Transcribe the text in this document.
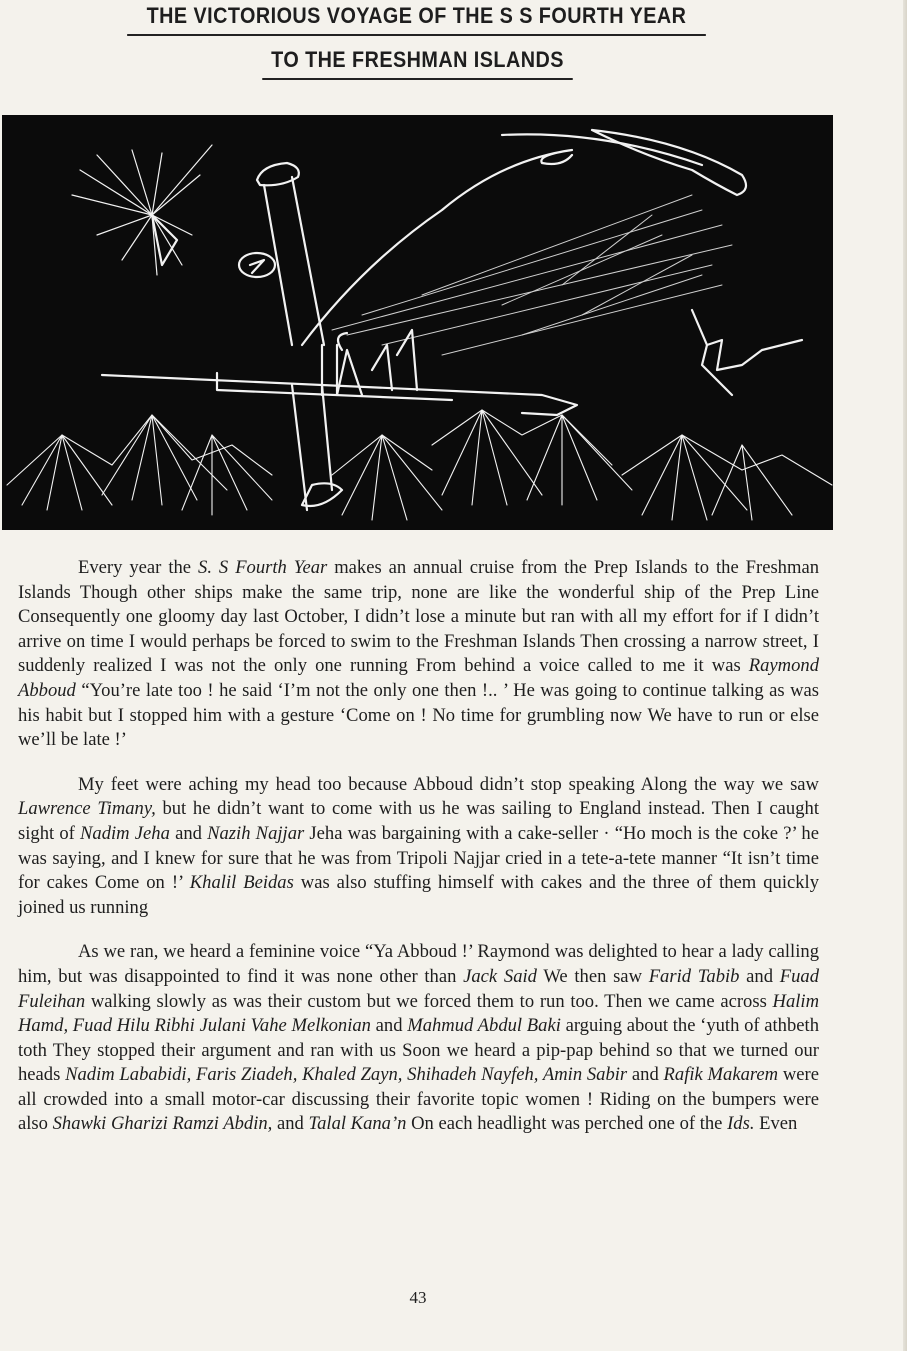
THE VICTORIOUS VOYAGE OF THE S S FOURTH YEAR
TO THE FRESHMAN ISLANDS

Every year the S. S Fourth Year makes an annual cruise from the Prep Islands to the Freshman Islands Though other ships make the same trip, none are like the wonderful ship of the Prep Line Consequently one gloomy day last October, I didn’t lose a minute but ran with all my effort for if I didn’t arrive on time I would perhaps be forced to swim to the Freshman Islands Then crossing a narrow street, I suddenly realized I was not the only one running From behind a voice called to me it was Raymond Abboud “You’re late too ! he said ‘I’m not the only one then !.. ’ He was going to continue talking as was his habit but I stopped him with a gesture ‘Come on ! No time for grumbling now We have to run or else we’ll be late !’

My feet were aching my head too because Abboud didn’t stop speaking Along the way we saw Lawrence Timany, but he didn’t want to come with us he was sailing to England instead. Then I caught sight of Nadim Jeha and Nazih Najjar Jeha was bargaining with a cake-seller · “Ho moch is the coke ?’ he was saying, and I knew for sure that he was from Tripoli Najjar cried in a tete-a-tete manner “It isn’t time for cakes Come on !’ Khalil Beidas was also stuffing himself with cakes and the three of them quickly joined us running

As we ran, we heard a feminine voice “Ya Abboud !’ Raymond was delighted to hear a lady calling him, but was disappointed to find it was none other than Jack Said We then saw Farid Tabib and Fuad Fuleihan walking slowly as was their custom but we forced them to run too. Then we came across Halim Hamd, Fuad Hilu Ribhi Julani Vahe Melkonian and Mahmud Abdul Baki arguing about the ‘yuth of athbeth toth They stopped their argument and ran with us Soon we heard a pip-pap behind so that we turned our heads Nadim Lababidi, Faris Ziadeh, Khaled Zayn, Shihadeh Nayfeh, Amin Sabir and Rafik Makarem were all crowded into a small motor-car discussing their favorite topic women ! Riding on the bumpers were also Shawki Gharizi Ramzi Abdin, and Talal Kana’n On each headlight was perched one of the Ids. Even

43
